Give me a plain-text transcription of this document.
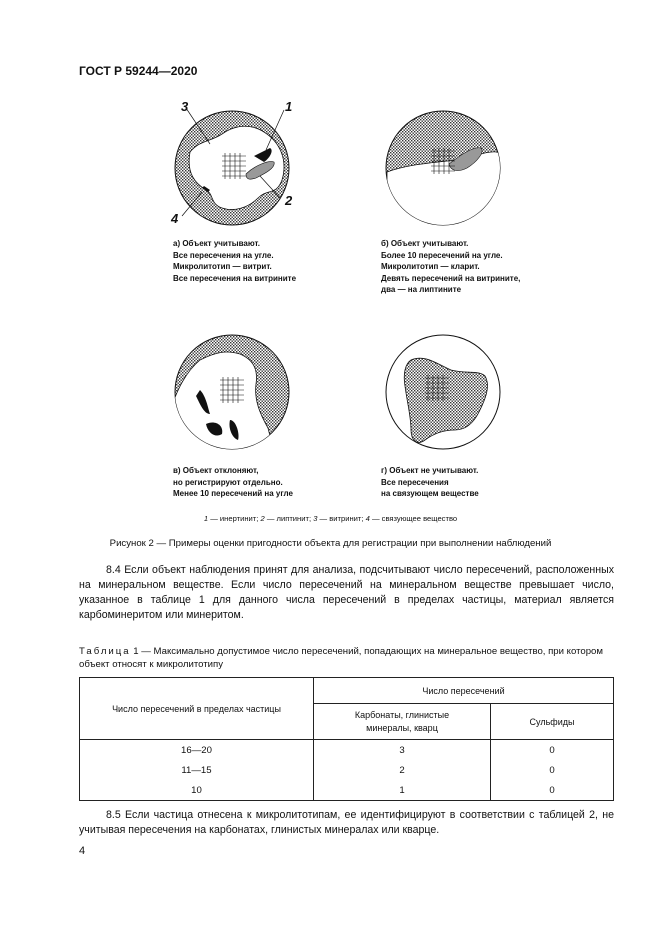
ГОСТ Р 59244—2020
3	1
2
4
а) Объект учитывают.
Все пересечения на угле.
Микролитотип — витрит.
Все пересечения на витрините
б) Объект учитывают.
Более 10 пересечений на угле.
Микролитотип — кларит.
Девять пересечений на витрините,
два — на липтините
в) Объект отклоняют,
но регистрируют отдельно.
Менее 10 пересечений на угле
г) Объект не учитывают.
Все пересечения
на связующем веществе
1 — инертинит; 2 — липтинит; 3 — витринит; 4 — связующее вещество
Рисунок 2 — Примеры оценки пригодности объекта для регистрации при выполнении наблюдений
8.4 Если объект наблюдения принят для анализа, подсчитывают число пересечений, расположенных на минеральном веществе. Если число пересечений на минеральном веществе превышает число, указанное в таблице 1 для данного числа пересечений в пределах частицы, материал является карбоминеритом или минеритом.
Таблица 1 — Максимально допустимое число пересечений, попадающих на минеральное вещество, при котором объект относят к микролитотипу
Число пересечений в пределах частицы	Число пересечений	
	Карбонаты, глинистые минералы, кварц	Сульфиды
16—20	3	0
11—15	2	0
10	1	0
8.5 Если частица отнесена к микролитотипам, ее идентифицируют в соответствии с таблицей 2, не учитывая пересечения на карбонатах, глинистых минералах или кварце.
4
